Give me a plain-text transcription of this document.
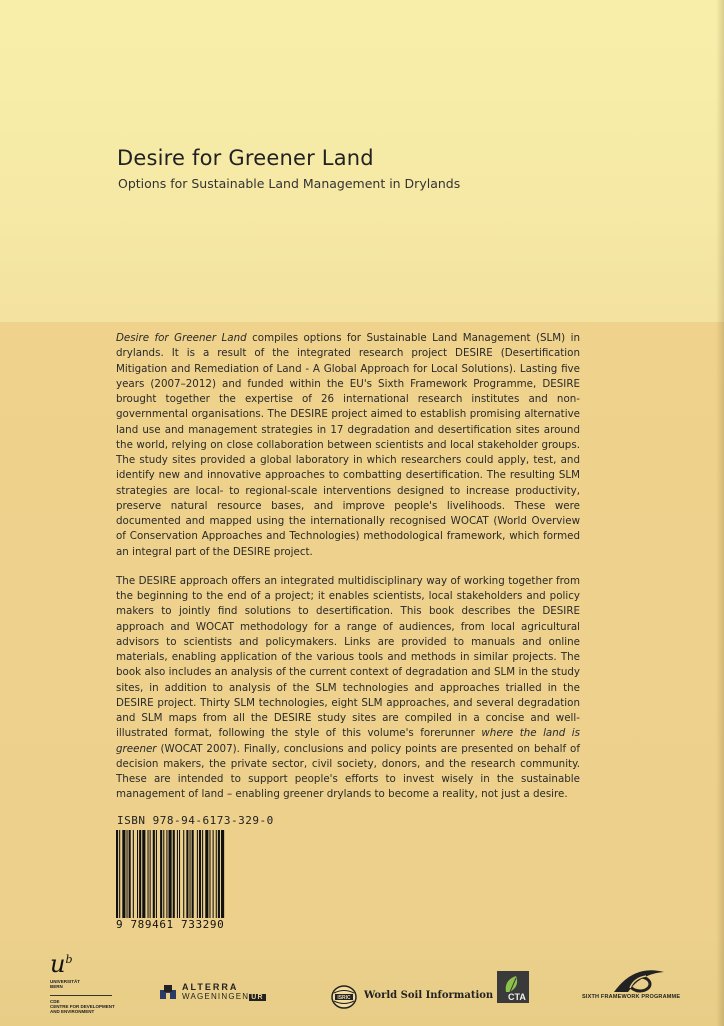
Desire for Greener Land
Options for Sustainable Land Management in Drylands

Desire for Greener Land compiles options for Sustainable Land Management (SLM) in drylands. It is a result of the integrated research project DESIRE (Desertification Mitigation and Remediation of Land - A Global Approach for Local Solutions). Lasting five years (2007–2012) and funded within the EU's Sixth Framework Programme, DESIRE brought together the expertise of 26 international research institutes and non-governmental organisations. The DESIRE project aimed to establish promising alternative land use and management strategies in 17 degradation and desertification sites around the world, relying on close collaboration between scientists and local stakeholder groups. The study sites provided a global laboratory in which researchers could apply, test, and identify new and innovative approaches to combatting desertification. The resulting SLM strategies are local- to regional-scale interventions designed to increase productivity, preserve natural resource bases, and improve people's livelihoods. These were documented and mapped using the internationally recognised WOCAT (World Overview of Conservation Approaches and Technologies) methodological framework, which formed an integral part of the DESIRE project.

The DESIRE approach offers an integrated multidisciplinary way of working together from the beginning to the end of a project; it enables scientists, local stakeholders and policy makers to jointly find solutions to desertification. This book describes the DESIRE approach and WOCAT methodology for a range of audiences, from local agricultural advisors to scientists and policymakers. Links are provided to manuals and online materials, enabling application of the various tools and methods in similar projects. The book also includes an analysis of the current context of degradation and SLM in the study sites, in addition to analysis of the SLM technologies and approaches trialled in the DESIRE project. Thirty SLM technologies, eight SLM approaches, and several degradation and SLM maps from all the DESIRE study sites are compiled in a concise and well-illustrated format, following the style of this volume's forerunner where the land is greener (WOCAT 2007). Finally, conclusions and policy points are presented on behalf of decision makers, the private sector, civil society, donors, and the research community. These are intended to support people's efforts to invest wisely in the sustainable management of land – enabling greener drylands to become a reality, not just a desire.

ISBN 978-94-6173-329-0
9 789461 733290
$u^b$
UNIVERSITÄT
BERN
CDE
CENTRE FOR DEVELOPMENT
AND ENVIRONMENT
ALTERRA
WAGENINGEN UR	ISRIC World Soil Information CTA	SIXTH FRAMEWORK PROGRAMME
